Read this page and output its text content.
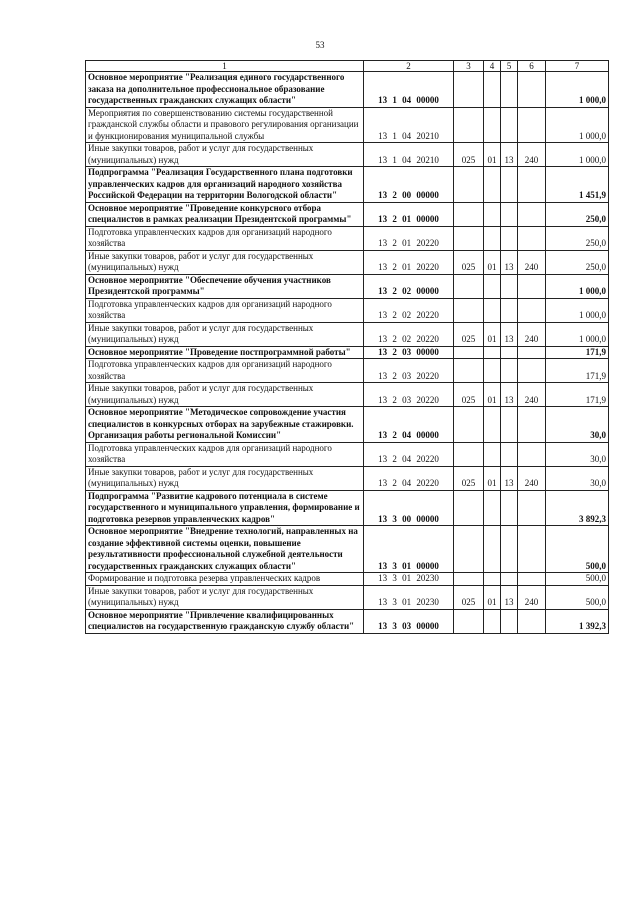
53
1	2	3	4	5	6	7
Основное мероприятие "Реализация единого государственного заказа на дополнительное профессиональное образование государственных гражданских служащих области"	13 1 04 00000					1 000,0
Мероприятия по совершенствованию системы государственной гражданской службы области и правового регулирования организации и функционирования муниципальной службы	13 1 04 20210					1 000,0
Иные закупки товаров, работ и услуг для государственных (муниципальных) нужд	13 1 04 20210	025	01	13	240	1 000,0
Подпрограмма "Реализация Государственного плана подготовки управленческих кадров для организаций народного хозяйства Российской Федерации на территории Вологодской области"	13 2 00 00000					1 451,9
Основное мероприятие "Проведение конкурсного отбора специалистов в рамках реализации Президентской программы"	13 2 01 00000					250,0
Подготовка управленческих кадров для организаций народного хозяйства	13 2 01 20220					250,0
Иные закупки товаров, работ и услуг для государственных (муниципальных) нужд	13 2 01 20220	025	01	13	240	250,0
Основное мероприятие "Обеспечение обучения участников Президентской программы"	13 2 02 00000					1 000,0
Подготовка управленческих кадров для организаций народного хозяйства	13 2 02 20220					1 000,0
Иные закупки товаров, работ и услуг для государственных (муниципальных) нужд	13 2 02 20220	025	01	13	240	1 000,0
Основное мероприятие "Проведение постпрограммной работы"	13 2 03 00000					171,9
Подготовка управленческих кадров для организаций народного хозяйства	13 2 03 20220					171,9
Иные закупки товаров, работ и услуг для государственных (муниципальных) нужд	13 2 03 20220	025	01	13	240	171,9
Основное мероприятие "Методическое сопровождение участия специалистов в конкурсных отборах на зарубежные стажировки. Организация работы региональной Комиссии"	13 2 04 00000					30,0
Подготовка управленческих кадров для организаций народного хозяйства	13 2 04 20220					30,0
Иные закупки товаров, работ и услуг для государственных (муниципальных) нужд	13 2 04 20220	025	01	13	240	30,0
Подпрограмма "Развитие кадрового потенциала в системе государственного и муниципального управления, формирование и подготовка резервов управленческих кадров"	13 3 00 00000					3 892,3
Основное мероприятие "Внедрение технологий, направленных на создание эффективной системы оценки, повышение результативности профессиональной служебной деятельности государственных гражданских служащих области"	13 3 01 00000					500,0
Формирование и подготовка резерва управленческих кадров	13 3 01 20230					500,0
Иные закупки товаров, работ и услуг для государственных (муниципальных) нужд	13 3 01 20230	025	01	13	240	500,0
Основное мероприятие "Привлечение квалифицированных специалистов на государственную гражданскую службу области"	13 3 03 00000					1 392,3
